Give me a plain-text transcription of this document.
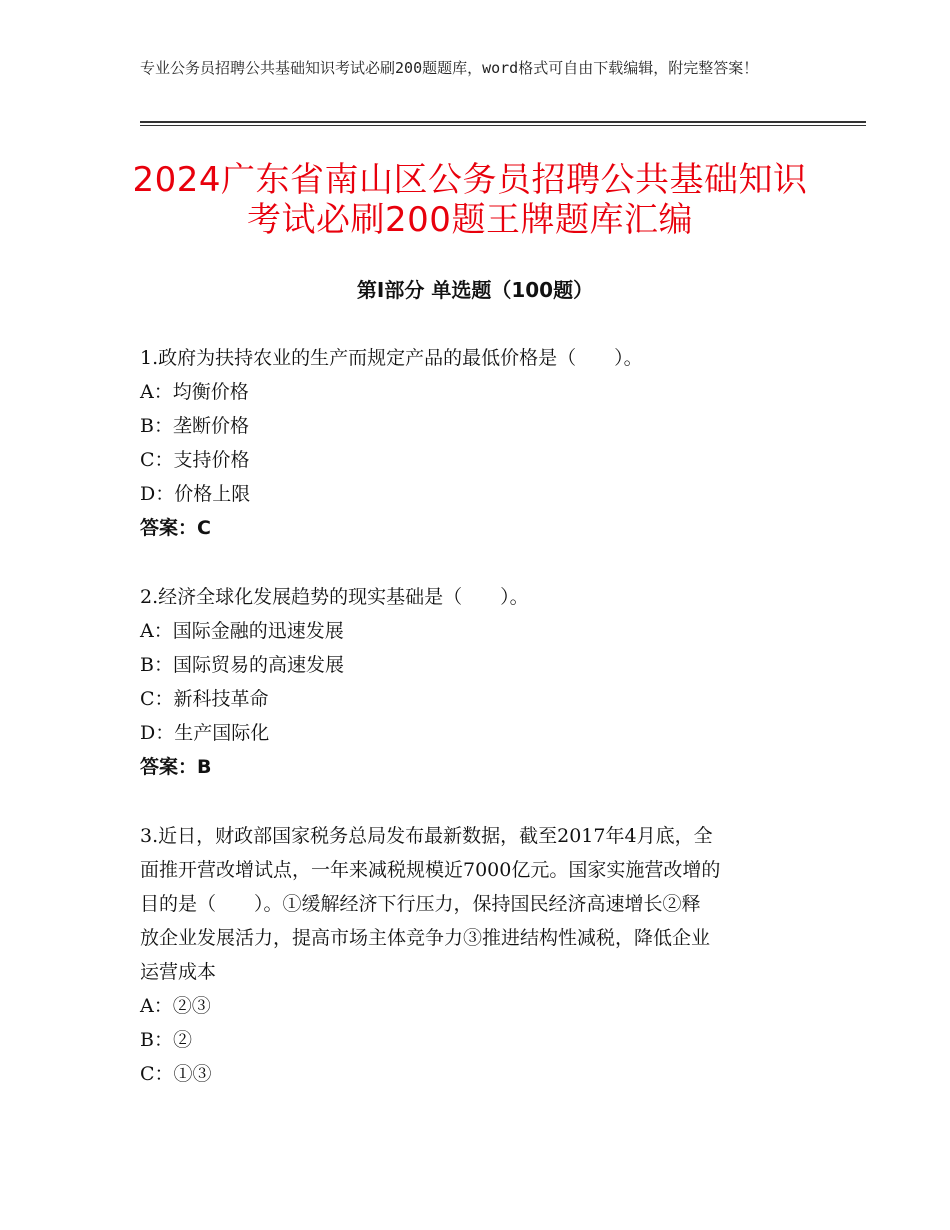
专业公务员招聘公共基础知识考试必刷200题题库，word格式可自由下载编辑，附完整答案！
2024广东省南山区公务员招聘公共基础知识
考试必刷200题王牌题库汇编
第Ⅰ部分 单选题（100题）
1.政府为扶持农业的生产而规定产品的最低价格是（　　）。
A：均衡价格
B：垄断价格
C：支持价格
D：价格上限
答案：C
2.经济全球化发展趋势的现实基础是（　　）。
A：国际金融的迅速发展
B：国际贸易的高速发展
C：新科技革命
D：生产国际化
答案：B
3.近日，财政部国家税务总局发布最新数据，截至2017年4月底，全
面推开营改增试点，一年来减税规模近7000亿元。国家实施营改增的
目的是（　　）。①缓解经济下行压力，保持国民经济高速增长②释
放企业发展活力，提高市场主体竞争力③推进结构性减税，降低企业
运营成本
A：②③
B：②
C：①③
